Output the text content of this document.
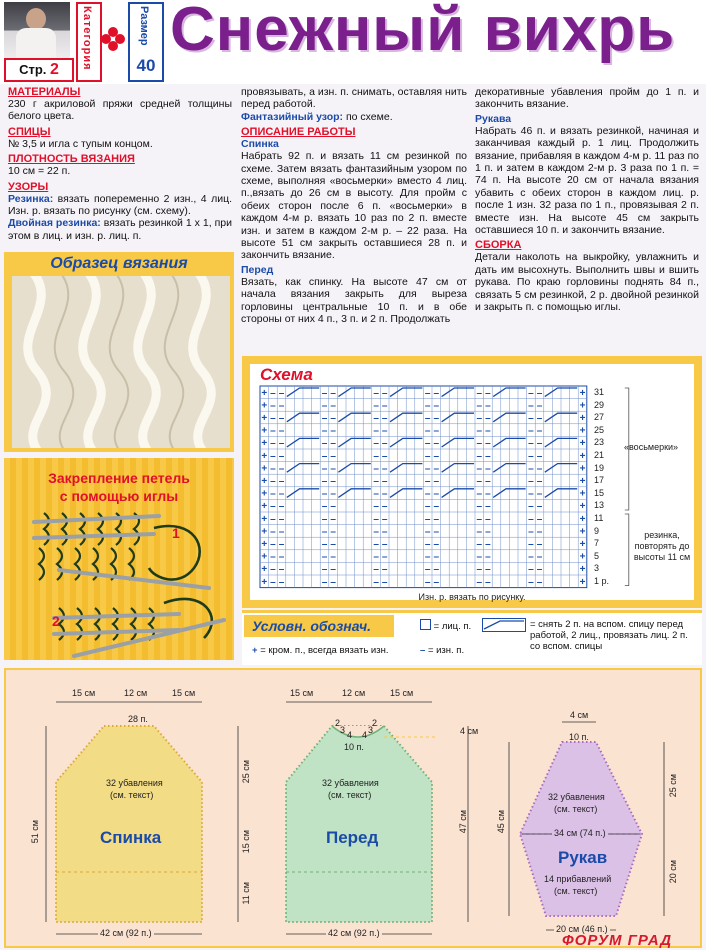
Стр. 2	Категория	Размер
40
Снежный вихрь
МАТЕРИАЛЫ
230 г акриловой пряжи средней толщины белого цвета.
СПИЦЫ
№ 3,5 и игла с тупым концом.
ПЛОТНОСТЬ ВЯЗАНИЯ
10 см = 22 п.
УЗОРЫ
Резинка: вязать попеременно 2 изн., 4 лиц. Изн. р. вязать по рисунку (см. схему).
Двойная резинка: вязать резинкой 1 х 1, при этом в лиц. и изн. р. лиц. п.
провязывать, а изн. п. снимать, оставляя нить перед работой.
Фантазийный узор: по схеме.
ОПИСАНИЕ РАБОТЫ
Спинка
Набрать 92 п. и вязать 11 см резинкой по схеме. Затем вязать фантазийным узором по схеме, выполняя «восьмерки» вместо 4 лиц. п.,вязать до 26 см в высоту. Для пройм с обеих сторон после 6 п. «восьмерки» в каждом 4-м р. вязать 10 раз по 2 п. вместе изн. и затем в каждом 2-м р. – 22 раза. На высоте 51 см закрыть оставшиеся 28 п. и закончить вязание.
Перед
Вязать, как спинку. На высоте 47 см от начала вязания закрыть для выреза горловины центральные 10 п. и в обе стороны от них 4 п., 3 п. и 2 п. Продолжать
декоративные убавления пройм до 1 п. и закончить вязание.
Рукава
Набрать 46 п. и вязать резинкой, начиная и заканчивая каждый р. 1 лиц. Продолжить вязание, прибавляя в каждом 4-м р. 11 раз по 1 п. и затем в каждом 2-м р. 3 раза по 1 п. = 74 п. На высоте 20 см от начала вязания убавить с обеих сторон в каждом лиц. р. после 1 изн. 32 раза по 1 п., провязывая 2 п. вместе изн. На высоте 45 см закрыть оставшиеся 10 п. и закончить вязание.
СБОРКА
Детали наколоть на выкройку, увлажнить и дать им высохнуть. Выполнить швы и вшить рукава. По краю горловины поднять 84 п., связать 5 см резинкой, 2 р. двойной резинкой и закрыть п. с помощью иглы.
Образец вязания
Закрепление петель
с помощью иглы
1
2
Схема
+ – –	– –	– –	– –	– –	– –	+
+ – –	– –	– –	– –	– –	– –	+
+ – –	– –	– –	– –	– –	– –	+
+ – –	– –	– –	– –	– –	– –	+
+ – –	– –	– –	– –	– –	– –	+
+ – –	– –	– –	– –	– –	– –	+
+ – –	– –	– –	– –	– –	– –	+
+ – –	– –	– –	– –	– –	– –	+
+ – –	– –	– –	– –	– –	– –	+
+ – –	– –	– –	– –	– –	– –	+
+ – –	– –	– –	– –	– –	– –	+
+ – –	– –	– –	– –	– –	– –	+
+ – –	– –	– –	– –	– –	– –	+
+ – –	– –	– –	– –	– –	– –	+
+ – –	– –	– –	– –	– –	– –	+
+ – –	– –	– –	– –	– –	– –	+
31
29
27
25
23
21
19
17
15
13
11
9
7
5
3
1 р.
«восьмерки»
резинка, повторять до высоты 11 см
Изн. р. вязать по рисунку.
Условн. обознач.	= лиц. п.	= снять 2 п. на вспом. спицу перед работой, 2 лиц., провязать лиц. 2 п. со вспом. спицы
+ = кром. п., всегда вязать изн.	– = изн. п.
15 см	12 см	15 см
28 п.
32 убавления
(см. текст)
Спинка
51 см
25 см
15 см
11 см
42 см (92 п.)
15 см	12 см	15 см
2
3 4 4 3
2
10 п.
32 убавления
(см. текст)
Перед
4 см
47 см
42 см (92 п.)
4 см
10 п.
32 убавления
(см. текст)
34 см (74 п.)
Рукав
14 прибавлений
(см. текст)
45 см
25 см
20 см
20 см (46 п.)
ФОРУМ ГРАД
